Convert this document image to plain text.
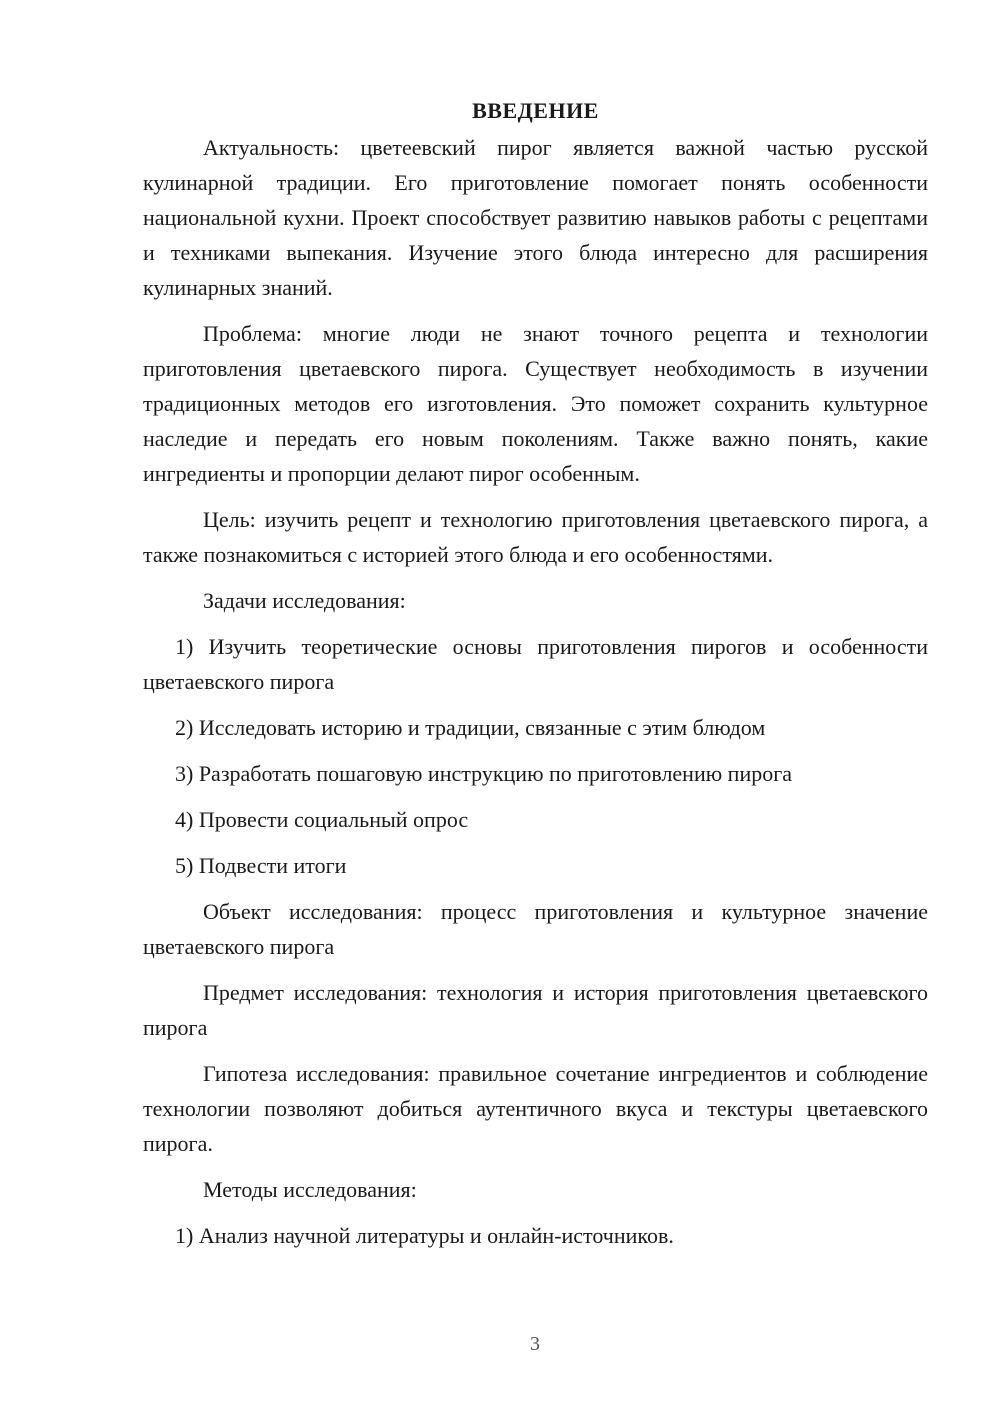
ВВЕДЕНИЕ

Актуальность: цветеевский пирог является важной частью русской кулинарной традиции. Его приготовление помогает понять особенности национальной кухни. Проект способствует развитию навыков работы с рецептами и техниками выпекания. Изучение этого блюда интересно для расширения кулинарных знаний.

Проблема: многие люди не знают точного рецепта и технологии приготовления цветаевского пирога. Существует необходимость в изучении традиционных методов его изготовления. Это поможет сохранить культурное наследие и передать его новым поколениям. Также важно понять, какие ингредиенты и пропорции делают пирог особенным.

Цель: изучить рецепт и технологию приготовления цветаевского пирога, а также познакомиться с историей этого блюда и его особенностями.

Задачи исследования:

1) Изучить теоретические основы приготовления пирогов и особенности цветаевского пирога

2) Исследовать историю и традиции, связанные с этим блюдом

3) Разработать пошаговую инструкцию по приготовлению пирога

4) Провести социальный опрос

5) Подвести итоги

Объект исследования: процесс приготовления и культурное значение цветаевского пирога

Предмет исследования: технология и история приготовления цветаевского пирога

Гипотеза исследования: правильное сочетание ингредиентов и соблюдение технологии позволяют добиться аутентичного вкуса и текстуры цветаевского пирога.

Методы исследования:

1) Анализ научной литературы и онлайн-источников.

3
